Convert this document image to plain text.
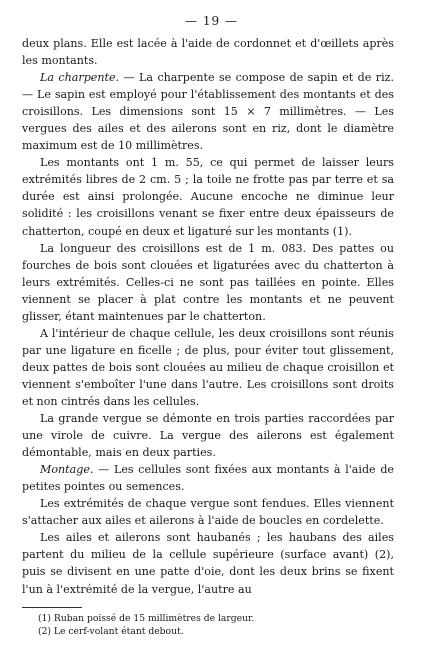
— 19 —

deux plans. Elle est lacée à l'aide de cordonnet et d'œillets après les montants.

La charpente. — La charpente se compose de sapin et de riz. — Le sapin est employé pour l'établissement des montants et des croisillons. Les dimensions sont 15 × 7 millimètres. — Les vergues des ailes et des ailerons sont en riz, dont le diamètre maximum est de 10 millimètres.

Les montants ont 1 m. 55, ce qui permet de laisser leurs extrémités libres de 2 cm. 5 ; la toile ne frotte pas par terre et sa durée est ainsi prolongée. Aucune encoche ne diminue leur solidité : les croisillons venant se fixer entre deux épaisseurs de chatterton, coupé en deux et ligaturé sur les montants (1).

La longueur des croisillons est de 1 m. 083. Des pattes ou fourches de bois sont clouées et ligaturées avec du chatterton à leurs extrémités. Celles-ci ne sont pas taillées en pointe. Elles viennent se placer à plat contre les montants et ne peuvent glisser, étant maintenues par le chatterton.

A l'intérieur de chaque cellule, les deux croisillons sont réunis par une ligature en ficelle ; de plus, pour éviter tout glissement, deux pattes de bois sont clouées au milieu de chaque croisillon et viennent s'emboîter l'une dans l'autre. Les croisillons sont droits et non cintrés dans les cellules.

La grande vergue se démonte en trois parties raccordées par une virole de cuivre. La vergue des ailerons est également démontable, mais en deux parties.

Montage. — Les cellules sont fixées aux montants à l'aide de petites pointes ou semences.

Les extrémités de chaque vergue sont fendues. Elles viennent s'attacher aux ailes et ailerons à l'aide de boucles en cordelette.

Les ailes et ailerons sont haubanés ; les haubans des ailes partent du milieu de la cellule supérieure (surface avant) (2), puis se divisent en une patte d'oie, dont les deux brins se fixent l'un à l'extrémité de la vergue, l'autre au

(1) Ruban poissé de 15 millimètres de largeur.
(2) Le cerf-volant étant debout.
